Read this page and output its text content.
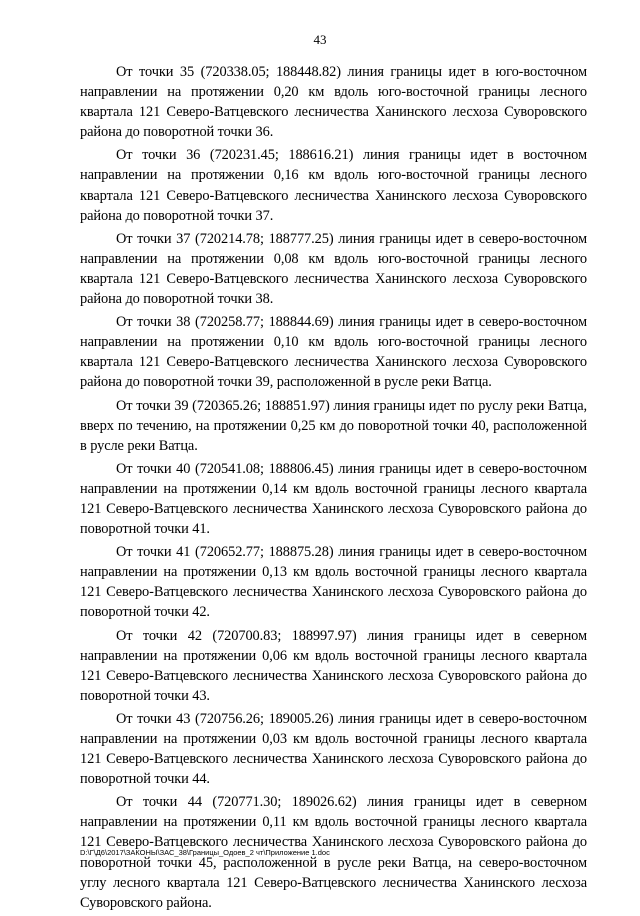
43

От точки 35 (720338.05; 188448.82) линия границы идет в юго-восточном направлении на протяжении 0,20 км вдоль юго-восточной границы лесного квартала 121 Северо-Ватцевского лесничества Ханинского лесхоза Суворовского района до поворотной точки 36.

От точки 36 (720231.45; 188616.21) линия границы идет в восточном направлении на протяжении 0,16 км вдоль юго-восточной границы лесного квартала 121 Северо-Ватцевского лесничества Ханинского лесхоза Суворовского района до поворотной точки 37.

От точки 37 (720214.78; 188777.25) линия границы идет в северо-восточном направлении на протяжении 0,08 км вдоль юго-восточной границы лесного квартала 121 Северо-Ватцевского лесничества Ханинского лесхоза Суворовского района до поворотной точки 38.

От точки 38 (720258.77; 188844.69) линия границы идет в северо-восточном направлении на протяжении 0,10 км вдоль юго-восточной границы лесного квартала 121 Северо-Ватцевского лесничества Ханинского лесхоза Суворовского района до поворотной точки 39, расположенной в русле реки Ватца.

От точки 39 (720365.26; 188851.97) линия границы идет по руслу реки Ватца, вверх по течению, на протяжении 0,25 км до поворотной точки 40, расположенной в русле реки Ватца.

От точки 40 (720541.08; 188806.45) линия границы идет в северо-восточном направлении на протяжении 0,14 км вдоль восточной границы лесного квартала 121 Северо-Ватцевского лесничества Ханинского лесхоза Суворовского района до поворотной точки 41.

От точки 41 (720652.77; 188875.28) линия границы идет в северо-восточном направлении на протяжении 0,13 км вдоль восточной границы лесного квартала 121 Северо-Ватцевского лесничества Ханинского лесхоза Суворовского района до поворотной точки 42.

От точки 42 (720700.83; 188997.97) линия границы идет в северном направлении на протяжении 0,06 км вдоль восточной границы лесного квартала 121 Северо-Ватцевского лесничества Ханинского лесхоза Суворовского района до поворотной точки 43.

От точки 43 (720756.26; 189005.26) линия границы идет в северо-восточном направлении на протяжении 0,03 км вдоль восточной границы лесного квартала 121 Северо-Ватцевского лесничества Ханинского лесхоза Суворовского района до поворотной точки 44.

От точки 44 (720771.30; 189026.62) линия границы идет в северном направлении на протяжении 0,11 км вдоль восточной границы лесного квартала 121 Северо-Ватцевского лесничества Ханинского лесхоза Суворовского района до поворотной точки 45, расположенной в русле реки Ватца, на северо-восточном углу лесного квартала 121 Северо-Ватцевского лесничества Ханинского лесхоза Суворовского района.

D:\Г\Д6\2017\ЗАКОНЫ\ЗАС_38\Границы_Одоев_2 чт\Приложение 1.doc
